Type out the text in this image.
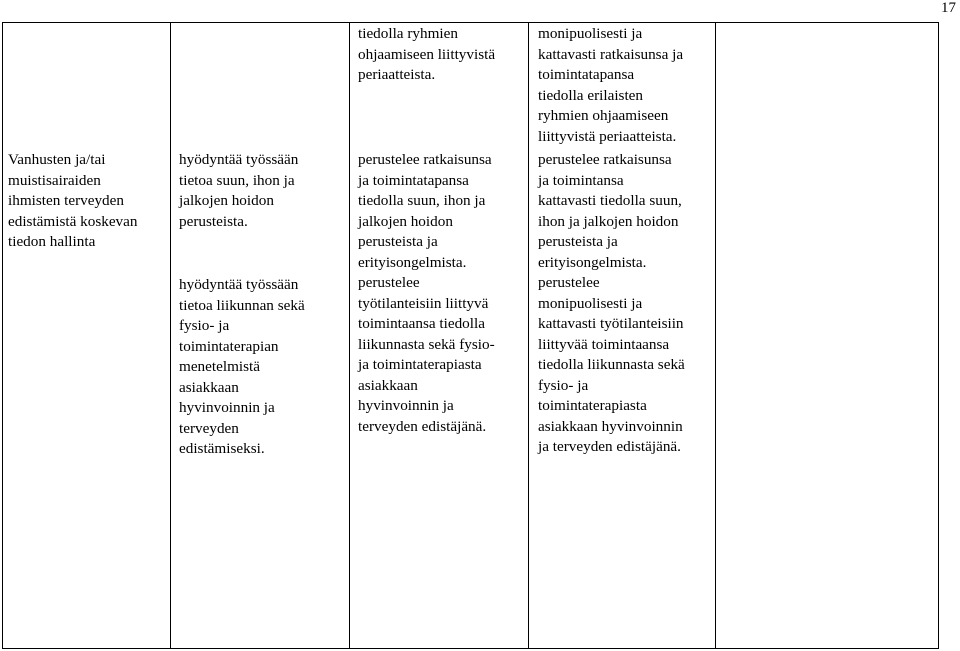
17
Vanhusten ja/tai
muistisairaiden
ihmisten terveyden
edistämistä koskevan
tiedon hallinta
hyödyntää työssään
tietoa suun, ihon ja
jalkojen hoidon
perusteista.
hyödyntää työssään
tietoa liikunnan sekä
fysio- ja
toimintaterapian
menetelmistä
asiakkaan
hyvinvoinnin ja
terveyden
edistämiseksi.
tiedolla ryhmien
ohjaamiseen liittyvistä
periaatteista.
perustelee ratkaisunsa
ja toimintatapansa
tiedolla suun, ihon ja
jalkojen hoidon
perusteista ja
erityisongelmista.
perustelee
työtilanteisiin liittyvä
toimintaansa tiedolla
liikunnasta sekä fysio-
ja toimintaterapiasta
asiakkaan
hyvinvoinnin ja
terveyden edistäjänä.
monipuolisesti ja
kattavasti ratkaisunsa ja
toimintatapansa
tiedolla erilaisten
ryhmien ohjaamiseen
liittyvistä periaatteista.
perustelee ratkaisunsa
ja toimintansa
kattavasti tiedolla suun,
ihon ja jalkojen hoidon
perusteista ja
erityisongelmista.
perustelee
monipuolisesti ja
kattavasti työtilanteisiin
liittyvää toimintaansa
tiedolla liikunnasta sekä
fysio- ja
toimintaterapiasta
asiakkaan hyvinvoinnin
ja terveyden edistäjänä.
